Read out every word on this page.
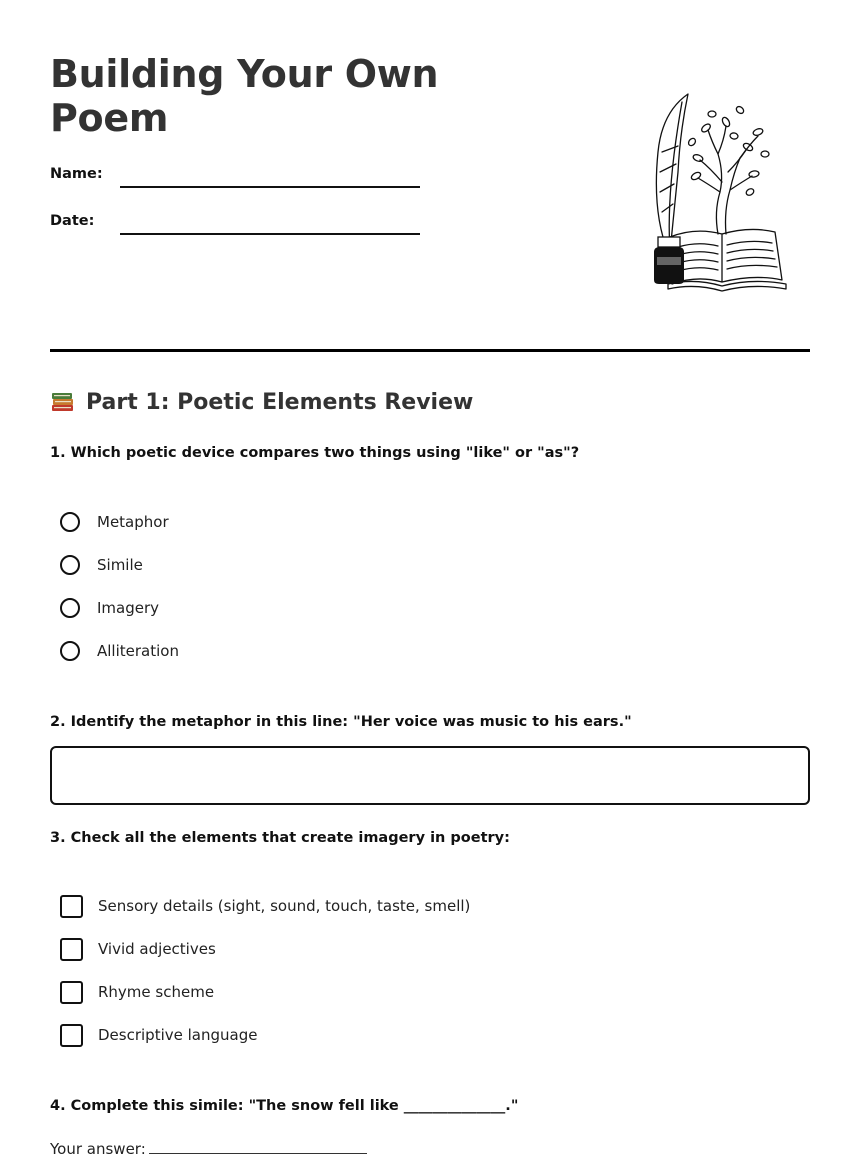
Building Your Own Poem
Name:
Date:
Part 1: Poetic Elements Review
1. Which poetic device compares two things using "like" or "as"?
Metaphor
Simile
Imagery
Alliteration
2. Identify the metaphor in this line: "Her voice was music to his ears."
3. Check all the elements that create imagery in poetry:
Sensory details (sight, sound, touch, taste, smell)
Vivid adjectives
Rhyme scheme
Descriptive language
4. Complete this simile: "The snow fell like ______________."
Your answer:
